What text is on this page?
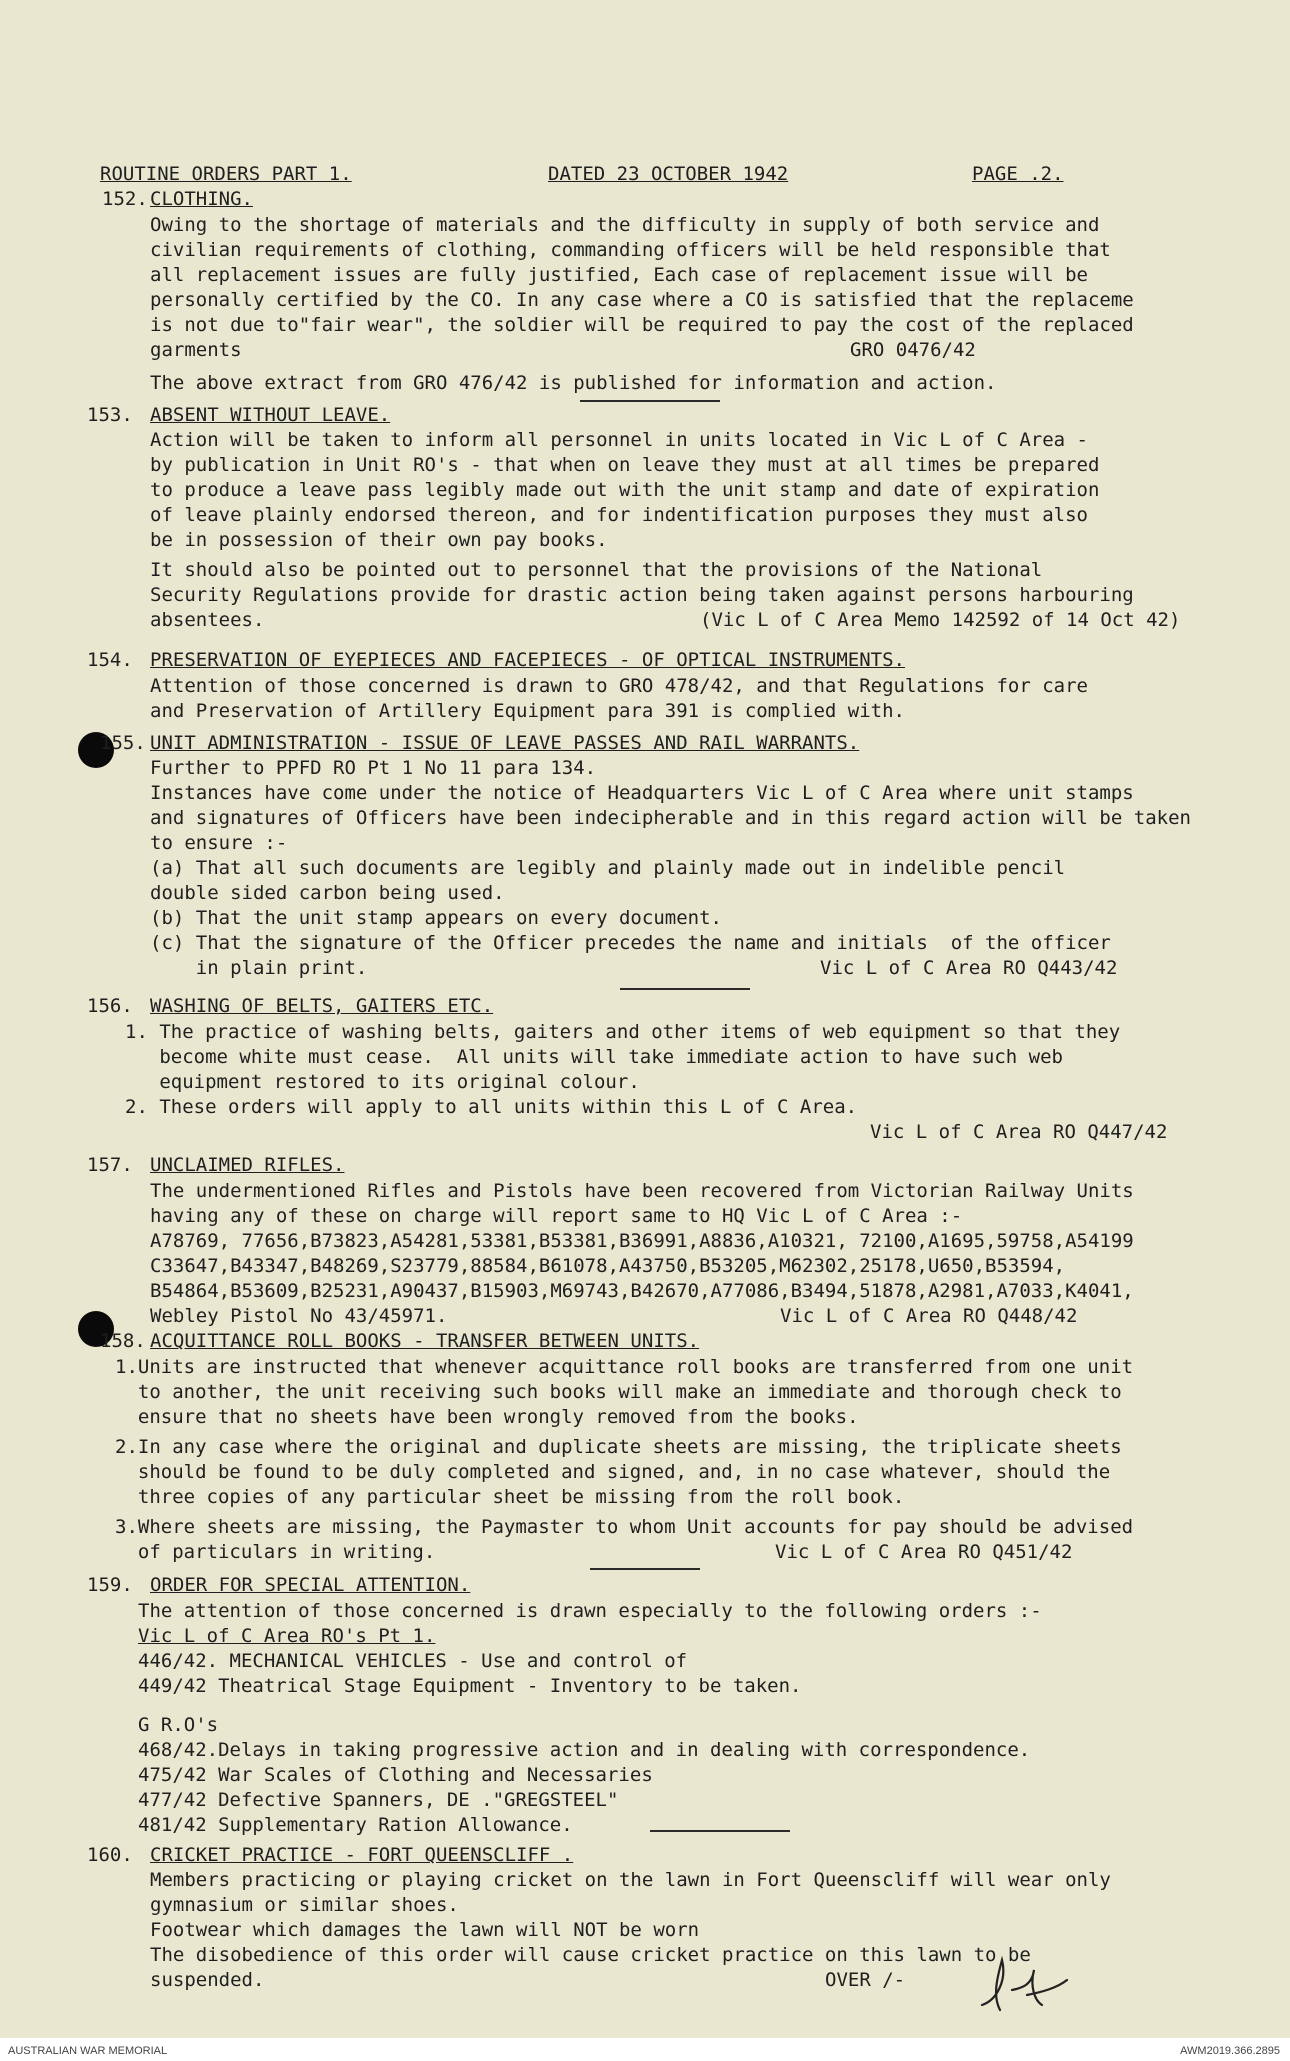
ROUTINE ORDERS PART 1.	DATED 23 OCTOBER 1942	PAGE .2.
152. CLOTHING.
Owing to the shortage of materials and the difficulty in supply of both service and
civilian requirements of clothing, commanding officers will be held responsible that
all replacement issues are fully justified, Each case of replacement issue will be
personally certified by the CO. In any case where a CO is satisfied that the replaceme
is not due to"fair wear", the soldier will be required to pay the cost of the replaced
garments	GRO 0476/42
The above extract from GRO 476/42 is published for information and action.
153. ABSENT WITHOUT LEAVE.
Action will be taken to inform all personnel in units located in Vic L of C Area -
by publication in Unit RO's - that when on leave they must at all times be prepared
to produce a leave pass legibly made out with the unit stamp and date of expiration
of leave plainly endorsed thereon, and for indentification purposes they must also
be in possession of their own pay books.
It should also be pointed out to personnel that the provisions of the National
Security Regulations provide for drastic action being taken against persons harbouring
absentees.	(Vic L of C Area Memo 142592 of 14 Oct 42)
154. PRESERVATION OF EYEPIECES AND FACEPIECES - OF OPTICAL INSTRUMENTS.
Attention of those concerned is drawn to GRO 478/42, and that Regulations for care
and Preservation of Artillery Equipment para 391 is complied with.
155. UNIT ADMINISTRATION - ISSUE OF LEAVE PASSES AND RAIL WARRANTS.
Further to PPFD RO Pt 1 No 11 para 134.
Instances have come under the notice of Headquarters Vic L of C Area where unit stamps
and signatures of Officers have been indecipherable and in this regard action will be taken
to ensure :-
(a) That all such documents are legibly and plainly made out in indelible pencil
double sided carbon being used.
(b) That the unit stamp appears on every document.
(c) That the signature of the Officer precedes the name and initials  of the officer
in plain print.	Vic L of C Area RO Q443/42
156. WASHING OF BELTS, GAITERS ETC.
1. The practice of washing belts, gaiters and other items of web equipment so that they
become white must cease.  All units will take immediate action to have such web
equipment restored to its original colour.
2. These orders will apply to all units within this L of C Area.
Vic L of C Area RO Q447/42
157. UNCLAIMED RIFLES.
The undermentioned Rifles and Pistols have been recovered from Victorian Railway Units
having any of these on charge will report same to HQ Vic L of C Area :-
A78769, 77656,B73823,A54281,53381,B53381,B36991,A8836,A10321, 72100,A1695,59758,A54199
C33647,B43347,B48269,S23779,88584,B61078,A43750,B53205,M62302,25178,U650,B53594,
B54864,B53609,B25231,A90437,B15903,M69743,B42670,A77086,B3494,51878,A2981,A7033,K4041,
Webley Pistol No 43/45971.	Vic L of C Area RO Q448/42
158. ACQUITTANCE ROLL BOOKS - TRANSFER BETWEEN UNITS.
1.Units are instructed that whenever acquittance roll books are transferred from one unit
to another, the unit receiving such books will make an immediate and thorough check to
ensure that no sheets have been wrongly removed from the books.
2.In any case where the original and duplicate sheets are missing, the triplicate sheets
should be found to be duly completed and signed, and, in no case whatever, should the
three copies of any particular sheet be missing from the roll book.
3.Where sheets are missing, the Paymaster to whom Unit accounts for pay should be advised
of particulars in writing.	Vic L of C Area RO Q451/42
159. ORDER FOR SPECIAL ATTENTION.
The attention of those concerned is drawn especially to the following orders :-
Vic L of C Area RO's Pt 1.
446/42. MECHANICAL VEHICLES - Use and control of
449/42 Theatrical Stage Equipment - Inventory to be taken.
G R.O's
468/42.Delays in taking progressive action and in dealing with correspondence.
475/42 War Scales of Clothing and Necessaries
477/42 Defective Spanners, DE ."GREGSTEEL"
481/42 Supplementary Ration Allowance.
160. CRICKET PRACTICE - FORT QUEENSCLIFF .
Members practicing or playing cricket on the lawn in Fort Queenscliff will wear only
gymnasium or similar shoes.
Footwear which damages the lawn will NOT be worn
The disobedience of this order will cause cricket practice on this lawn to be
suspended.	OVER /-
AUSTRALIAN WAR MEMORIAL	AWM2019.366.2895
